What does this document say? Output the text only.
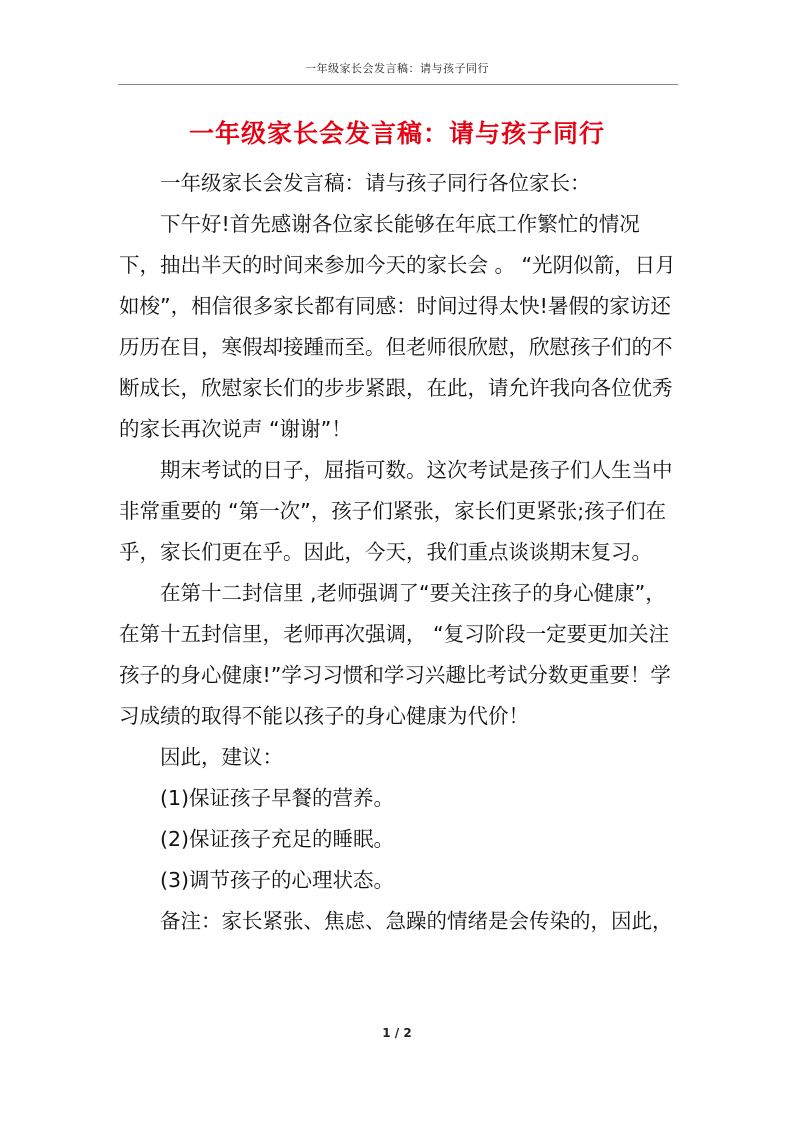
一年级家长会发言稿：请与孩子同行
一年级家长会发言稿：请与孩子同行

一年级家长会发言稿：请与孩子同行各位家长：

下午好!首先感谢各位家长能够在年底工作繁忙的情况下，抽出半天的时间来参加今天的家长会 。 “光阴似箭，日月如梭”，相信很多家长都有同感：时间过得太快!暑假的家访还历历在目，寒假却接踵而至。但老师很欣慰，欣慰孩子们的不断成长，欣慰家长们的步步紧跟，在此，请允许我向各位优秀的家长再次说声 “谢谢”！

期末考试的日子，屈指可数。这次考试是孩子们人生当中非常重要的 “第一次”，孩子们紧张，家长们更紧张;孩子们在乎，家长们更在乎。因此，今天，我们重点谈谈期末复习。

在第十二封信里 ,老师强调了“要关注孩子的身心健康”，在第十五封信里，老师再次强调， “复习阶段一定要更加关注孩子的身心健康!”学习习惯和学习兴趣比考试分数更重要！学习成绩的取得不能以孩子的身心健康为代价！

因此，建议：

(1)保证孩子早餐的营养。

(2)保证孩子充足的睡眠。

(3)调节孩子的心理状态。

备注：家长紧张、焦虑、急躁的情绪是会传染的，因此，

1 / 2
